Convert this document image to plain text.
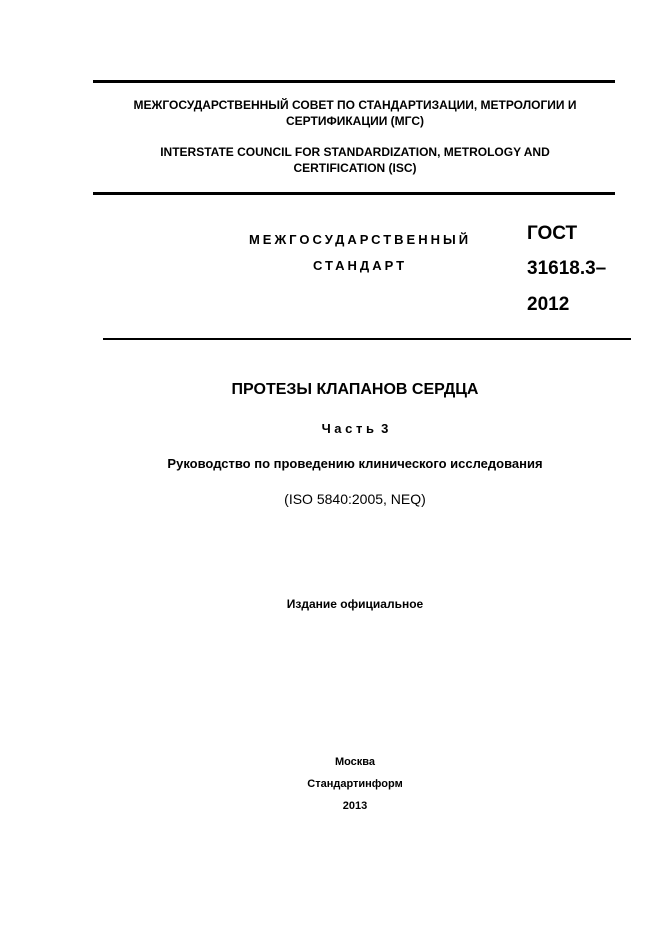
МЕЖГОСУДАРСТВЕННЫЙ СОВЕТ ПО СТАНДАРТИЗАЦИИ, МЕТРОЛОГИИ И
СЕРТИФИКАЦИИ (МГС)
INTERSTATE COUNCIL FOR STANDARDIZATION, METROLOGY AND
CERTIFICATION (ISC)
МЕЖГОСУДАРСТВЕННЫЙ
СТАНДАРТ
ГОСТ
31618.3–
2012
ПРОТЕЗЫ КЛАПАНОВ СЕРДЦА
Ч а с т ь  3
Руководство по проведению клинического исследования
(ISO 5840:2005, NEQ)
Издание официальное
Москва
Стандартинформ
2013
